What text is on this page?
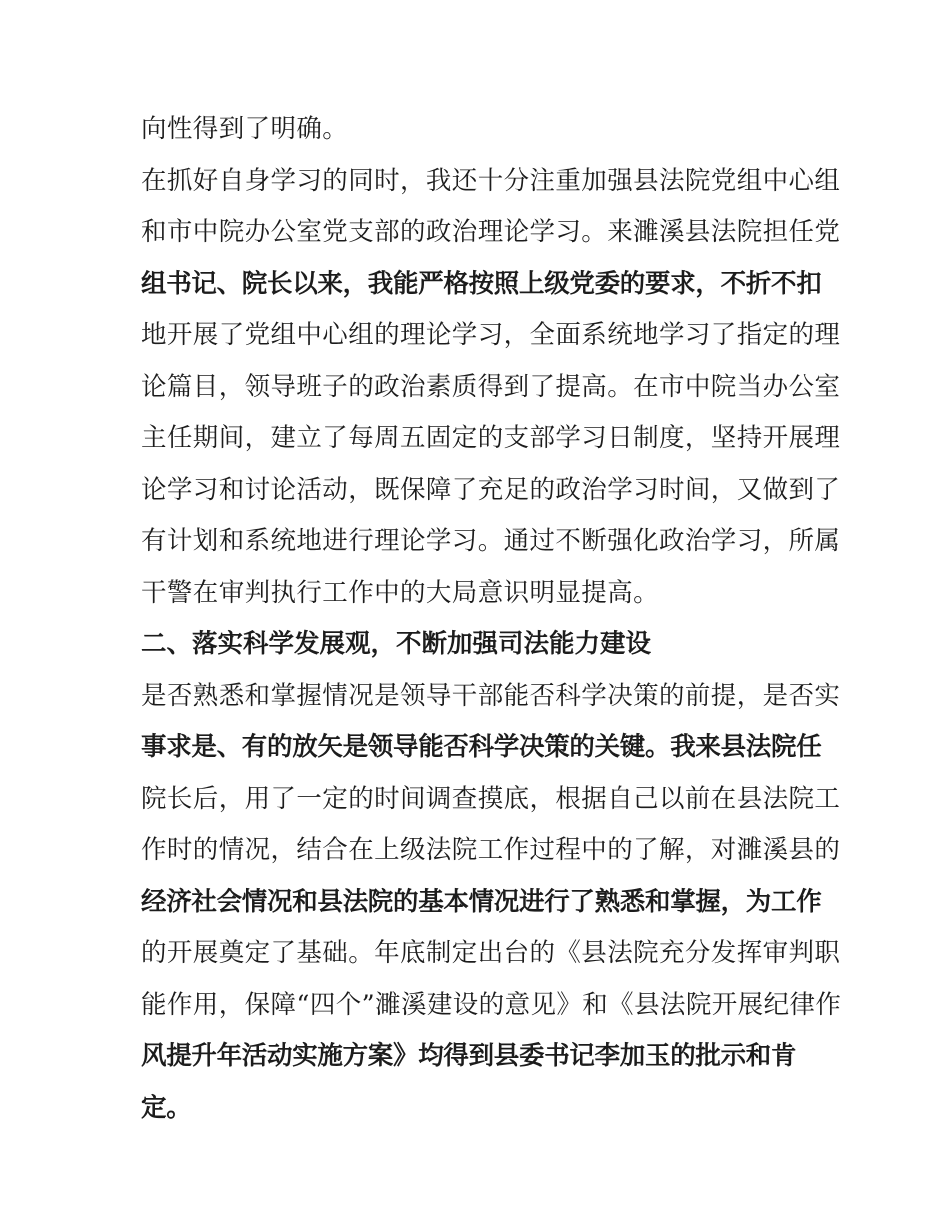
向性得到了明确。
在抓好自身学习的同时，我还十分注重加强县法院党组中心组
和市中院办公室党支部的政治理论学习。来濉溪县法院担任党
组书记、院长以来，我能严格按照上级党委的要求，不折不扣
地开展了党组中心组的理论学习，全面系统地学习了指定的理
论篇目，领导班子的政治素质得到了提高。在市中院当办公室
主任期间，建立了每周五固定的支部学习日制度，坚持开展理
论学习和讨论活动，既保障了充足的政治学习时间，又做到了
有计划和系统地进行理论学习。通过不断强化政治学习，所属
干警在审判执行工作中的大局意识明显提高。
二、落实科学发展观，不断加强司法能力建设
是否熟悉和掌握情况是领导干部能否科学决策的前提，是否实
事求是、有的放矢是领导能否科学决策的关键。我来县法院任
院长后，用了一定的时间调查摸底，根据自己以前在县法院工
作时的情况，结合在上级法院工作过程中的了解，对濉溪县的
经济社会情况和县法院的基本情况进行了熟悉和掌握，为工作
的开展奠定了基础。年底制定出台的《县法院充分发挥审判职
能作用，保障“四个”濉溪建设的意见》和《县法院开展纪律作
风提升年活动实施方案》均得到县委书记李加玉的批示和肯
定。
